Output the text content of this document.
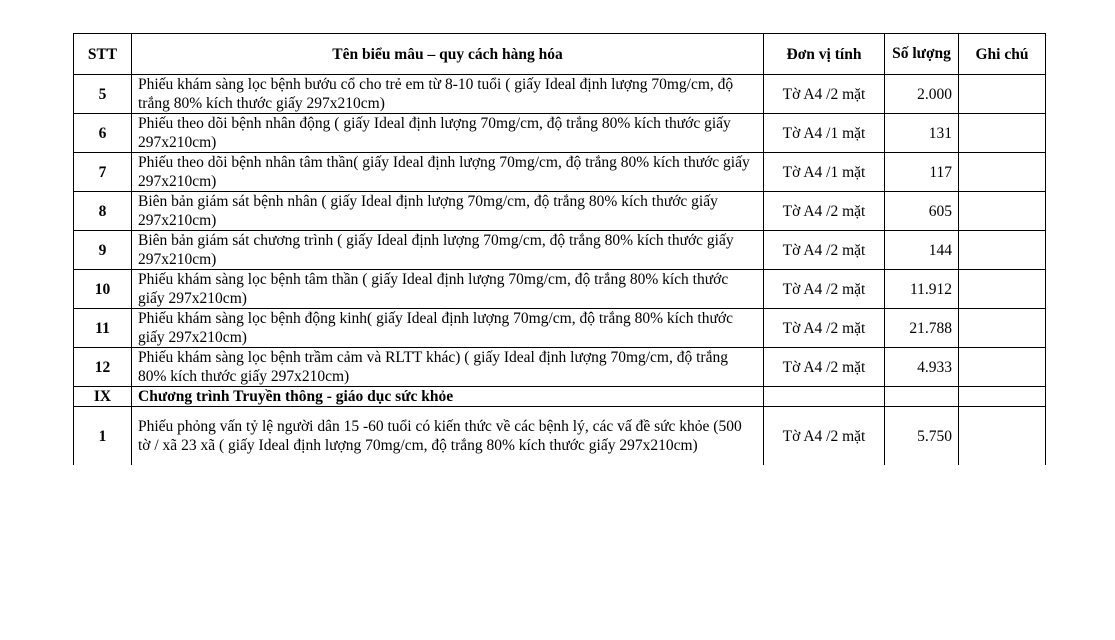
STT	Tên biểu mâu – quy cách hàng hóa	Đơn vị tính	Số lượng	Ghi chú
5	Phiếu khám sàng lọc bệnh bướu cổ cho trẻ em từ 8-10 tuổi ( giấy Ideal định lượng 70mg/cm, độ trắng 80% kích thước giấy 297x210cm)	Tờ A4 /2 mặt	2.000	
6	Phiếu theo dõi bệnh nhân động ( giấy Ideal định lượng 70mg/cm, độ trắng 80% kích thước giấy 297x210cm)	Tờ A4 /1 mặt	131	
7	Phiếu theo dõi bệnh nhân tâm thần( giấy Ideal định lượng 70mg/cm, độ trắng 80% kích thước giấy 297x210cm)	Tờ A4 /1 mặt	117	
8	Biên bản giám sát bệnh nhân ( giấy Ideal định lượng 70mg/cm, độ trắng 80% kích thước giấy 297x210cm)	Tờ A4 /2 mặt	605	
9	Biên bản giám sát chương trình ( giấy Ideal định lượng 70mg/cm, độ trắng 80% kích thước giấy 297x210cm)	Tờ A4 /2 mặt	144	
10	Phiếu khám sàng lọc bệnh tâm thần ( giấy Ideal định lượng 70mg/cm, độ trắng 80% kích thước giấy 297x210cm)	Tờ A4 /2 mặt	11.912	
11	Phiếu khám sàng lọc bệnh động kinh( giấy Ideal định lượng 70mg/cm, độ trắng 80% kích thước giấy 297x210cm)	Tờ A4 /2 mặt	21.788	
12	Phiếu khám sàng lọc bệnh trầm cảm và RLTT khác) ( giấy Ideal định lượng 70mg/cm, độ trắng 80% kích thước giấy 297x210cm)	Tờ A4 /2 mặt	4.933	
IX	Chương trình Truyền thông - giáo dục sức khỏe			
1	Phiếu phỏng vấn tỷ lệ người dân 15 -60 tuổi có kiến thức về các bệnh lý, các vấ đề sức khỏe (500 tờ / xã 23 xã ( giấy Ideal định lượng 70mg/cm, độ trắng 80% kích thước giấy 297x210cm)	Tờ A4 /2 mặt	5.750	
